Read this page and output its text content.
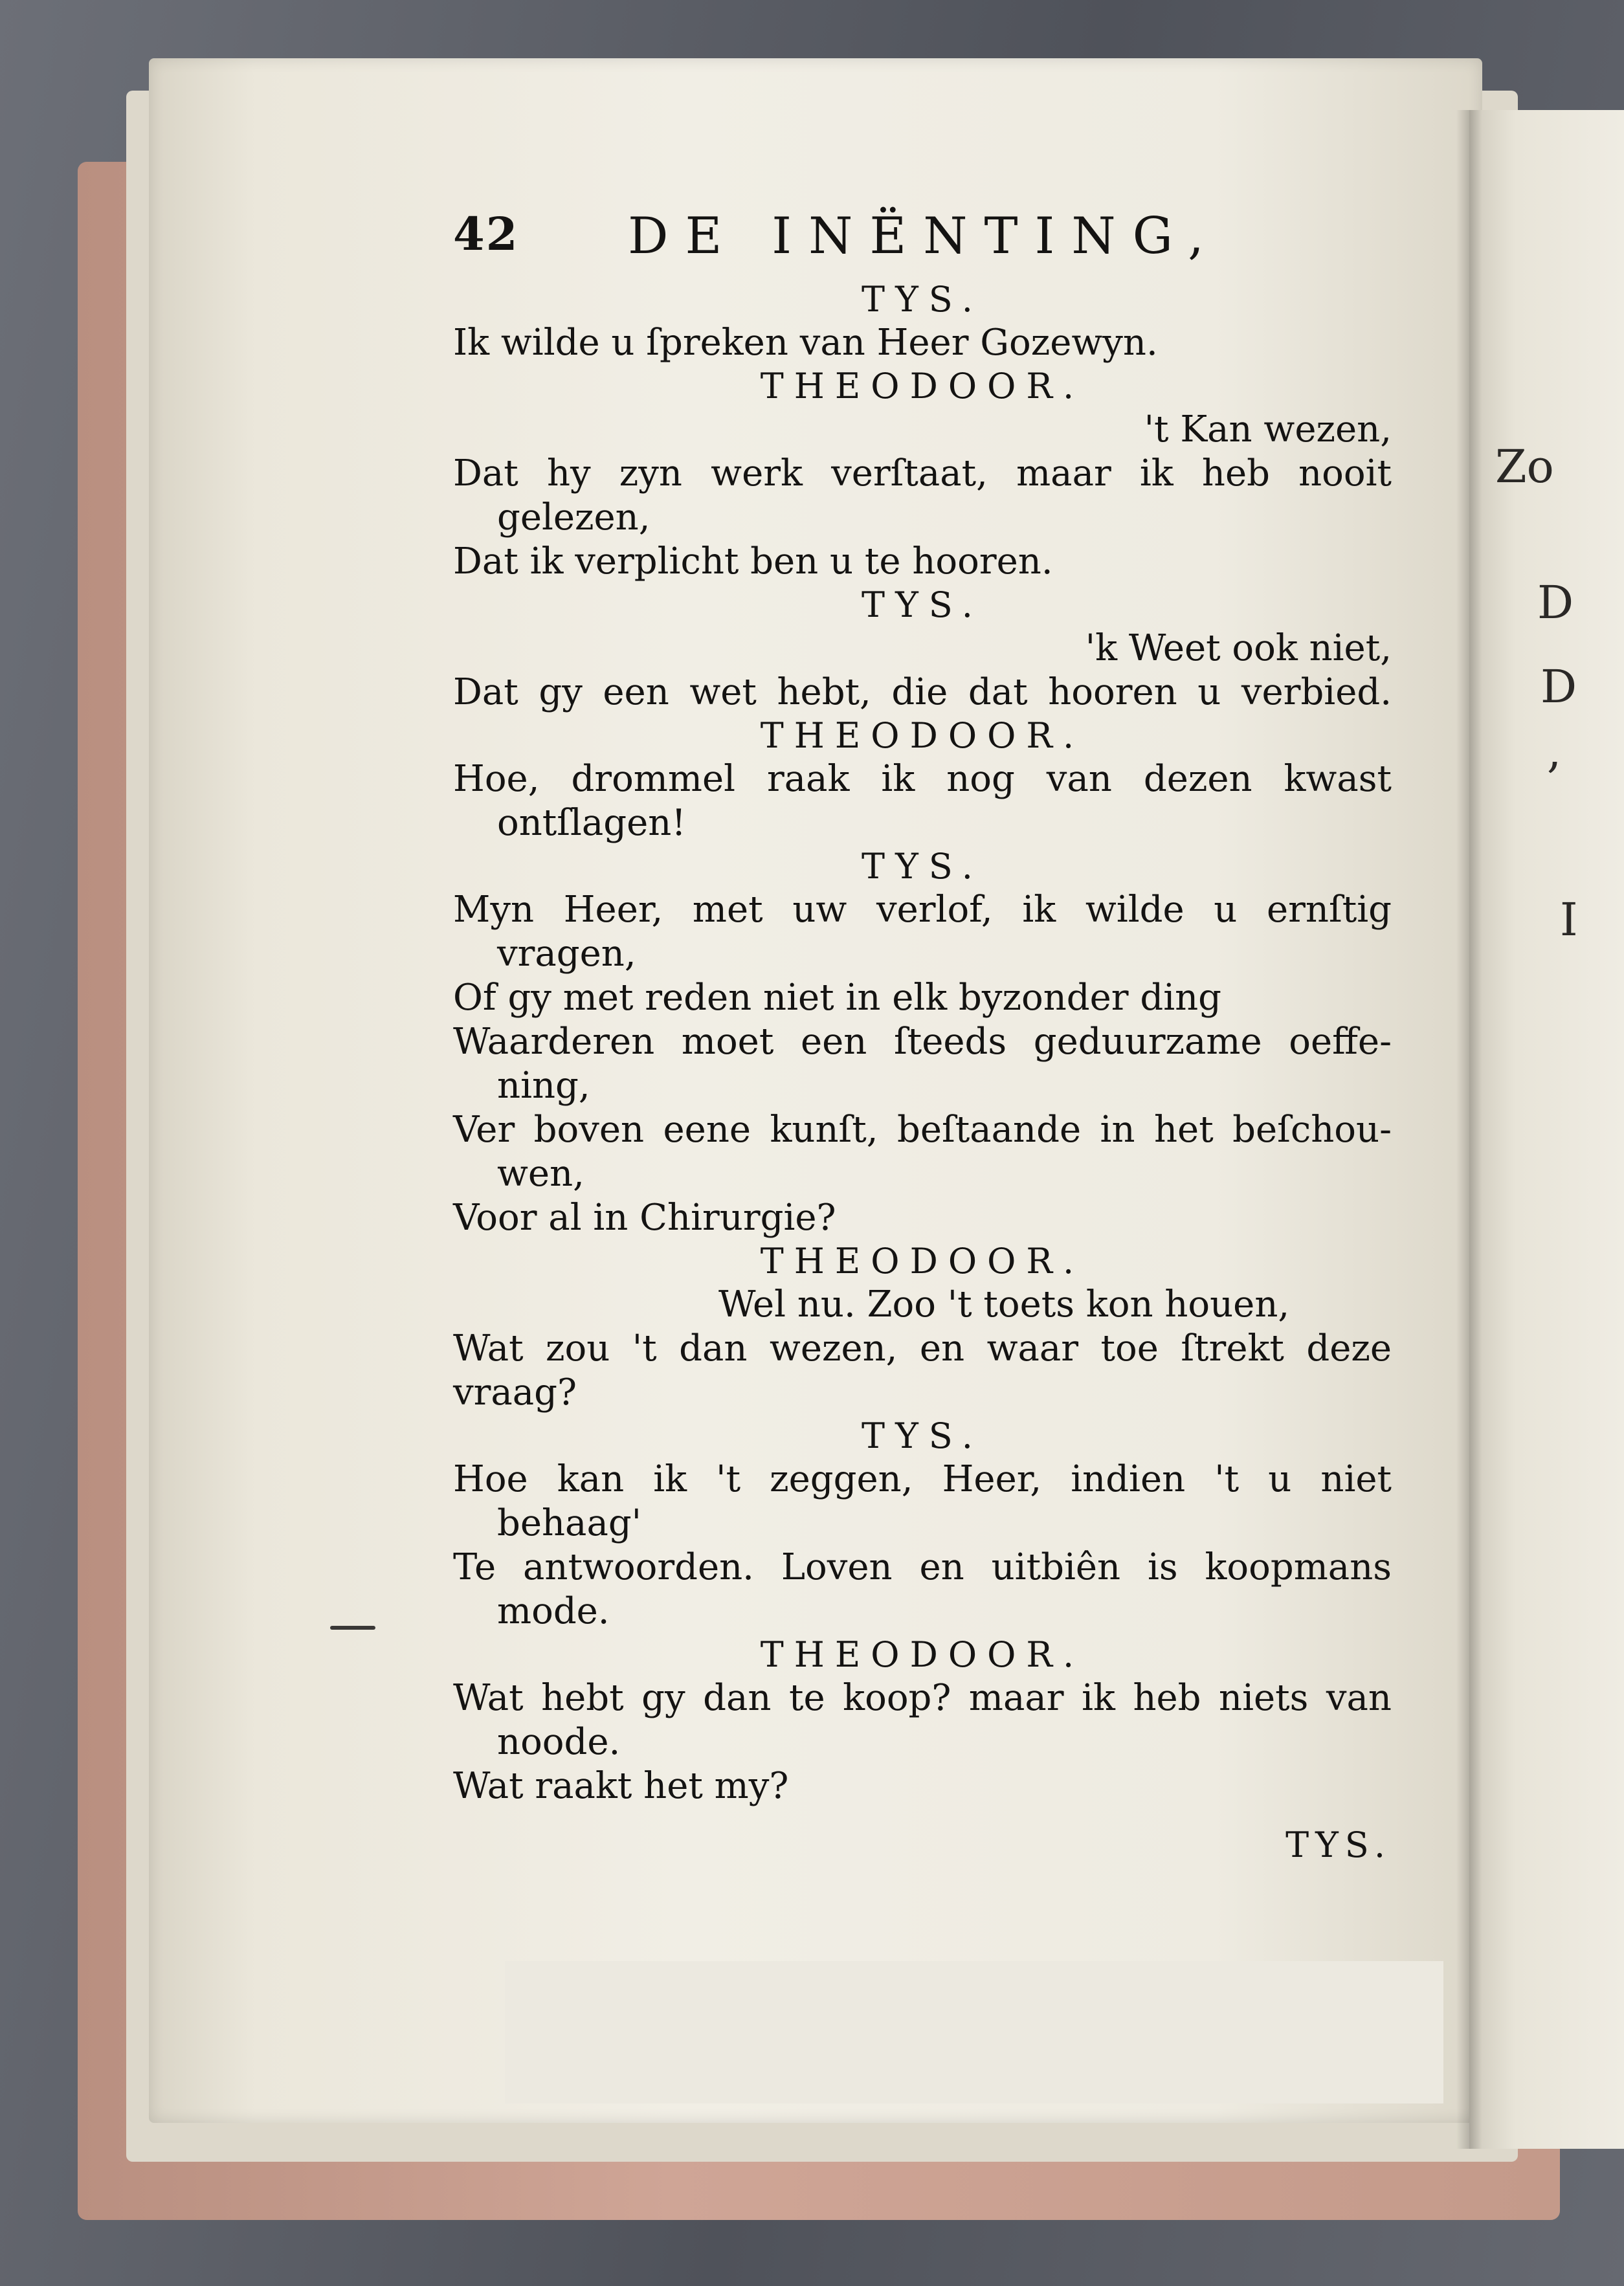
42 DE INËNTING,
TYS.
Ik wilde u ſpreken van Heer Gozewyn.
THEODOOR.
't Kan wezen,
Dat hy zyn werk verſtaat, maar ik heb nooit
gelezen,
Dat ik verplicht ben u te hooren.
TYS.
'k Weet ook niet,
Dat gy een wet hebt, die dat hooren u verbied.
THEODOOR.
Hoe, drommel raak ik nog van dezen kwast
ontſlagen!
TYS.
Myn Heer, met uw verlof, ik wilde u ernſtig
vragen,
Of gy met reden niet in elk byzonder ding
Waarderen moet een ſteeds geduurzame oeffe-
ning,
Ver boven eene kunſt, beſtaande in het beſchou-
wen,
Voor al in Chirurgie?
THEODOOR.
Wel nu. Zoo 't toets kon houen,
Wat zou 't dan wezen, en waar toe ſtrekt deze
vraag?
TYS.
Hoe kan ik 't zeggen, Heer, indien 't u niet
behaag'
Te antwoorden. Loven en uitbiên is koopmans
mode.
THEODOOR.
Wat hebt gy dan te koop? maar ik heb niets van
noode.
Wat raakt het my?
TYS.
Zo
D
D
,
I
